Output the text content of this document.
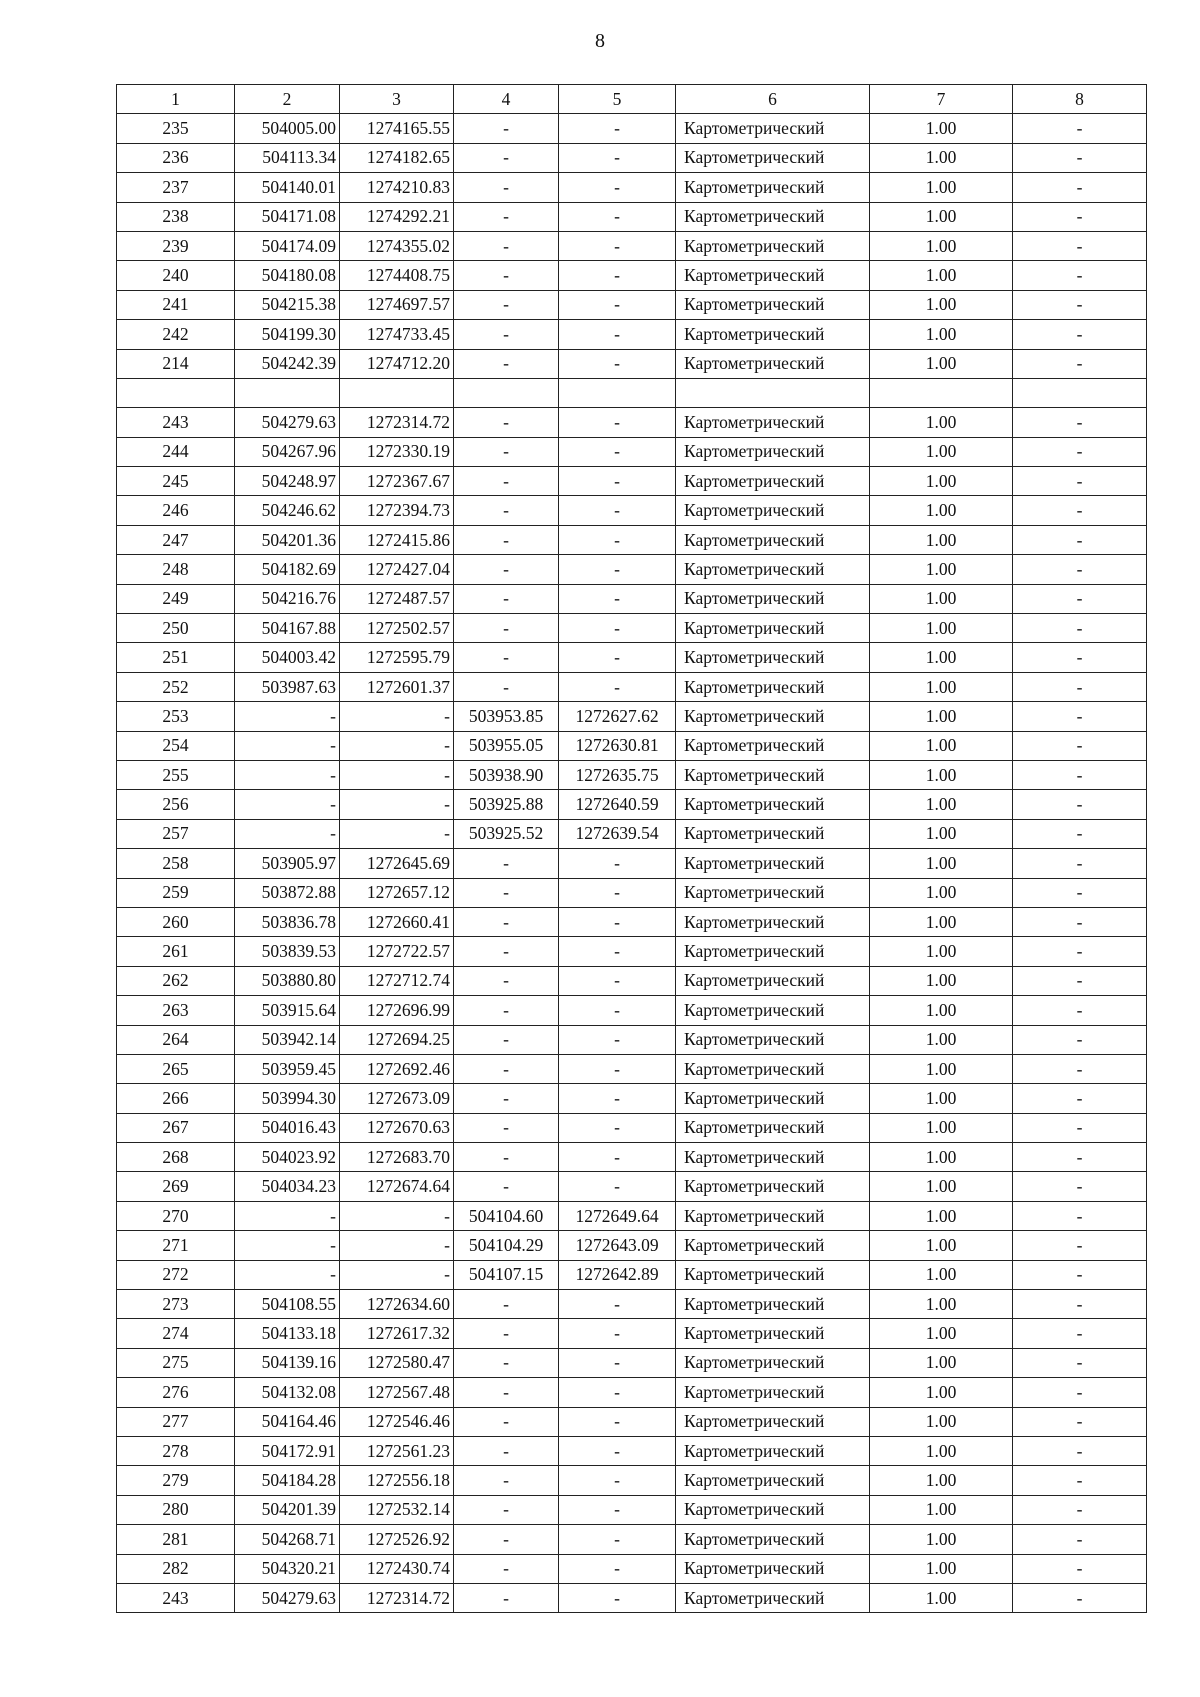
8
1	2	3	4	5	6	7	8
235	504005.00	1274165.55	-	-	Картометрический	1.00	-
236	504113.34	1274182.65	-	-	Картометрический	1.00	-
237	504140.01	1274210.83	-	-	Картометрический	1.00	-
238	504171.08	1274292.21	-	-	Картометрический	1.00	-
239	504174.09	1274355.02	-	-	Картометрический	1.00	-
240	504180.08	1274408.75	-	-	Картометрический	1.00	-
241	504215.38	1274697.57	-	-	Картометрический	1.00	-
242	504199.30	1274733.45	-	-	Картометрический	1.00	-
214	504242.39	1274712.20	-	-	Картометрический	1.00	-

243	504279.63	1272314.72	-	-	Картометрический	1.00	-
244	504267.96	1272330.19	-	-	Картометрический	1.00	-
245	504248.97	1272367.67	-	-	Картометрический	1.00	-
246	504246.62	1272394.73	-	-	Картометрический	1.00	-
247	504201.36	1272415.86	-	-	Картометрический	1.00	-
248	504182.69	1272427.04	-	-	Картометрический	1.00	-
249	504216.76	1272487.57	-	-	Картометрический	1.00	-
250	504167.88	1272502.57	-	-	Картометрический	1.00	-
251	504003.42	1272595.79	-	-	Картометрический	1.00	-
252	503987.63	1272601.37	-	-	Картометрический	1.00	-
253	-	-	503953.85	1272627.62	Картометрический	1.00	-
254	-	-	503955.05	1272630.81	Картометрический	1.00	-
255	-	-	503938.90	1272635.75	Картометрический	1.00	-
256	-	-	503925.88	1272640.59	Картометрический	1.00	-
257	-	-	503925.52	1272639.54	Картометрический	1.00	-
258	503905.97	1272645.69	-	-	Картометрический	1.00	-
259	503872.88	1272657.12	-	-	Картометрический	1.00	-
260	503836.78	1272660.41	-	-	Картометрический	1.00	-
261	503839.53	1272722.57	-	-	Картометрический	1.00	-
262	503880.80	1272712.74	-	-	Картометрический	1.00	-
263	503915.64	1272696.99	-	-	Картометрический	1.00	-
264	503942.14	1272694.25	-	-	Картометрический	1.00	-
265	503959.45	1272692.46	-	-	Картометрический	1.00	-
266	503994.30	1272673.09	-	-	Картометрический	1.00	-
267	504016.43	1272670.63	-	-	Картометрический	1.00	-
268	504023.92	1272683.70	-	-	Картометрический	1.00	-
269	504034.23	1272674.64	-	-	Картометрический	1.00	-
270	-	-	504104.60	1272649.64	Картометрический	1.00	-
271	-	-	504104.29	1272643.09	Картометрический	1.00	-
272	-	-	504107.15	1272642.89	Картометрический	1.00	-
273	504108.55	1272634.60	-	-	Картометрический	1.00	-
274	504133.18	1272617.32	-	-	Картометрический	1.00	-
275	504139.16	1272580.47	-	-	Картометрический	1.00	-
276	504132.08	1272567.48	-	-	Картометрический	1.00	-
277	504164.46	1272546.46	-	-	Картометрический	1.00	-
278	504172.91	1272561.23	-	-	Картометрический	1.00	-
279	504184.28	1272556.18	-	-	Картометрический	1.00	-
280	504201.39	1272532.14	-	-	Картометрический	1.00	-
281	504268.71	1272526.92	-	-	Картометрический	1.00	-
282	504320.21	1272430.74	-	-	Картометрический	1.00	-
243	504279.63	1272314.72	-	-	Картометрический	1.00	-
